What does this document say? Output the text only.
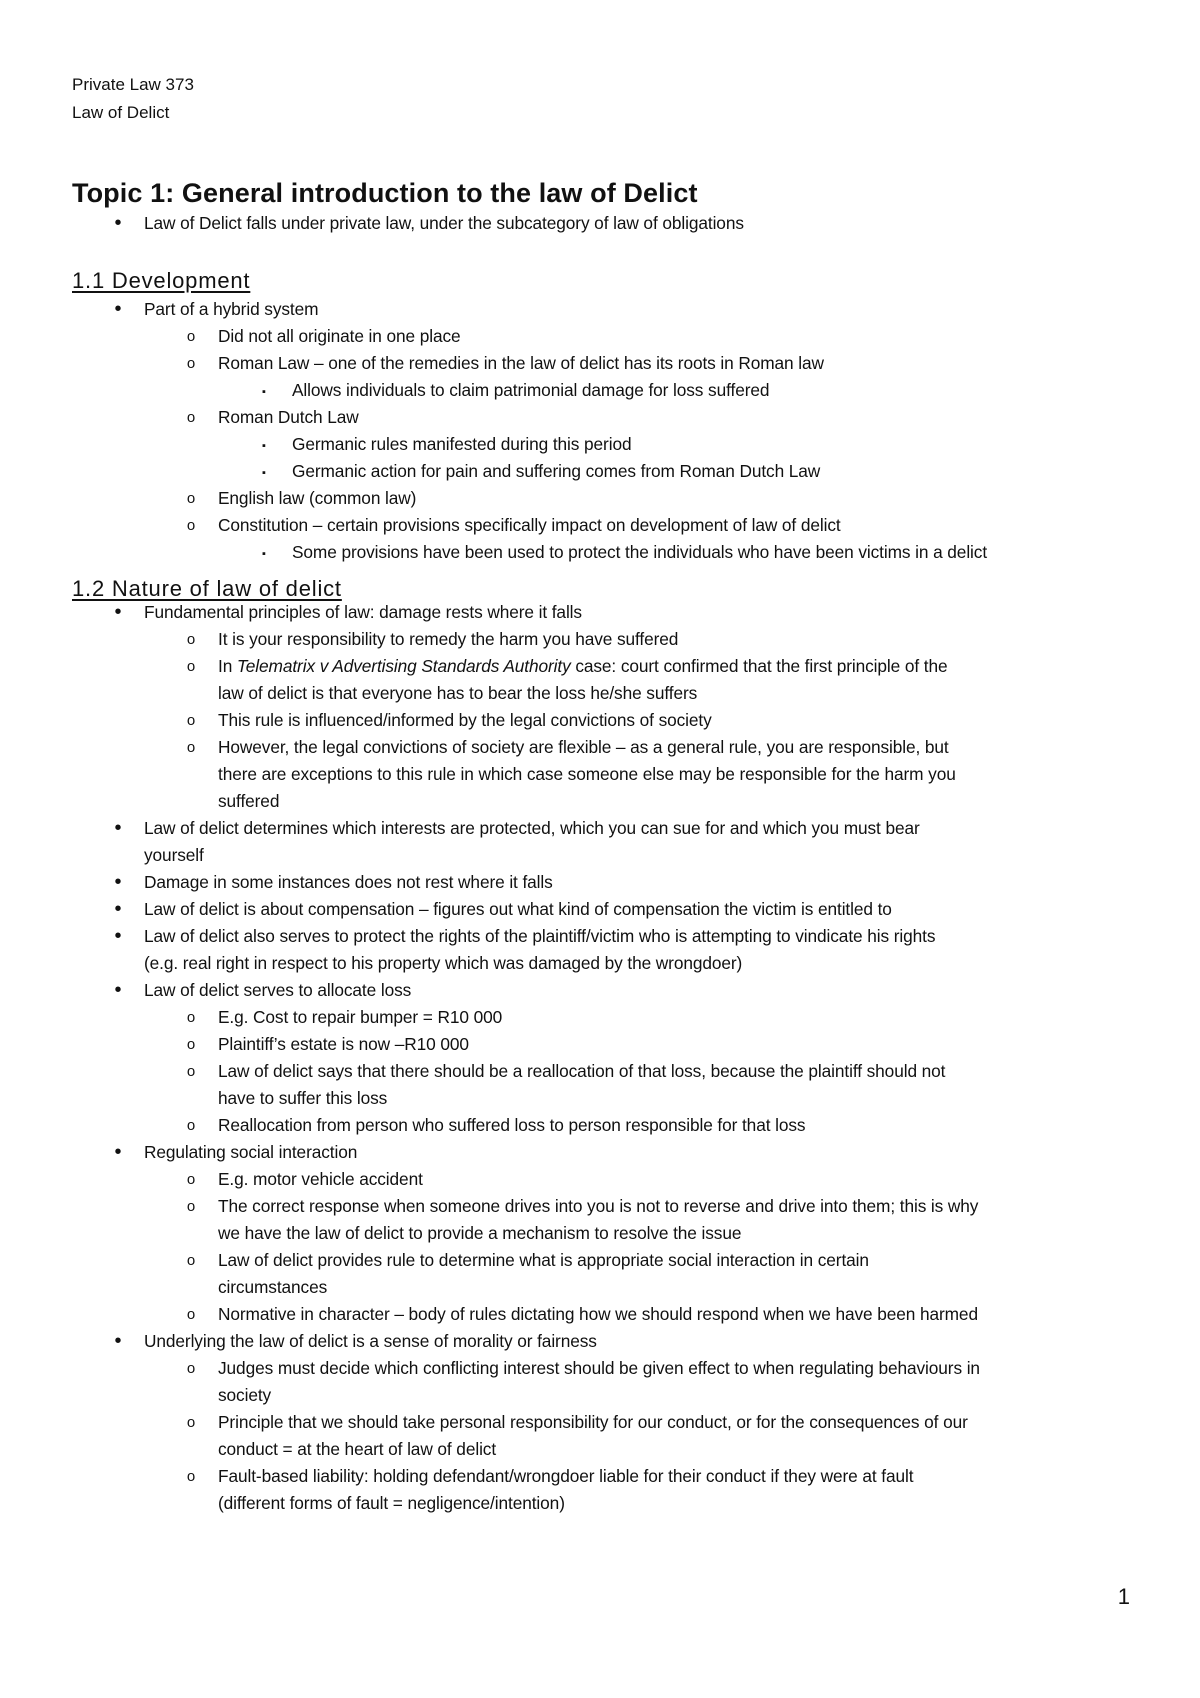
Private Law 373
Law of Delict
Topic 1: General introduction to the law of Delict
1.1 Development
1.2 Nature of law of delict
•	Law of Delict falls under private law, under the subcategory of law of obligations
•	Part of a hybrid system
o	Did not all originate in one place
o	Roman Law – one of the remedies in the law of delict has its roots in Roman law
▪	Allows individuals to claim patrimonial damage for loss suffered
o	Roman Dutch Law
▪	Germanic rules manifested during this period
▪	Germanic action for pain and suffering comes from Roman Dutch Law
o	English law (common law)
o	Constitution – certain provisions specifically impact on development of law of delict
▪	Some provisions have been used to protect the individuals who have been victims in a delict
•	Fundamental principles of law: damage rests where it falls
o	It is your responsibility to remedy the harm you have suffered
o	In Telematrix v Advertising Standards Authority case: court confirmed that the first principle of the
law of delict is that everyone has to bear the loss he/she suffers
o	This rule is influenced/informed by the legal convictions of society
o	However, the legal convictions of society are flexible – as a general rule, you are responsible, but
there are exceptions to this rule in which case someone else may be responsible for the harm you
suffered
•	Law of delict determines which interests are protected, which you can sue for and which you must bear
yourself
•	Damage in some instances does not rest where it falls
•	Law of delict is about compensation – figures out what kind of compensation the victim is entitled to
•	Law of delict also serves to protect the rights of the plaintiff/victim who is attempting to vindicate his rights
(e.g. real right in respect to his property which was damaged by the wrongdoer)
•	Law of delict serves to allocate loss
o	E.g. Cost to repair bumper = R10 000
o	Plaintiff’s estate is now –R10 000
o	Law of delict says that there should be a reallocation of that loss, because the plaintiff should not
have to suffer this loss
o	Reallocation from person who suffered loss to person responsible for that loss
•	Regulating social interaction
o	E.g. motor vehicle accident
o	The correct response when someone drives into you is not to reverse and drive into them; this is why
we have the law of delict to provide a mechanism to resolve the issue
o	Law of delict provides rule to determine what is appropriate social interaction in certain
circumstances
o	Normative in character – body of rules dictating how we should respond when we have been harmed
•	Underlying the law of delict is a sense of morality or fairness
o	Judges must decide which conflicting interest should be given effect to when regulating behaviours in
society
o	Principle that we should take personal responsibility for our conduct, or for the consequences of our
conduct = at the heart of law of delict
o	Fault-based liability: holding defendant/wrongdoer liable for their conduct if they were at fault
(different forms of fault = negligence/intention)
1
